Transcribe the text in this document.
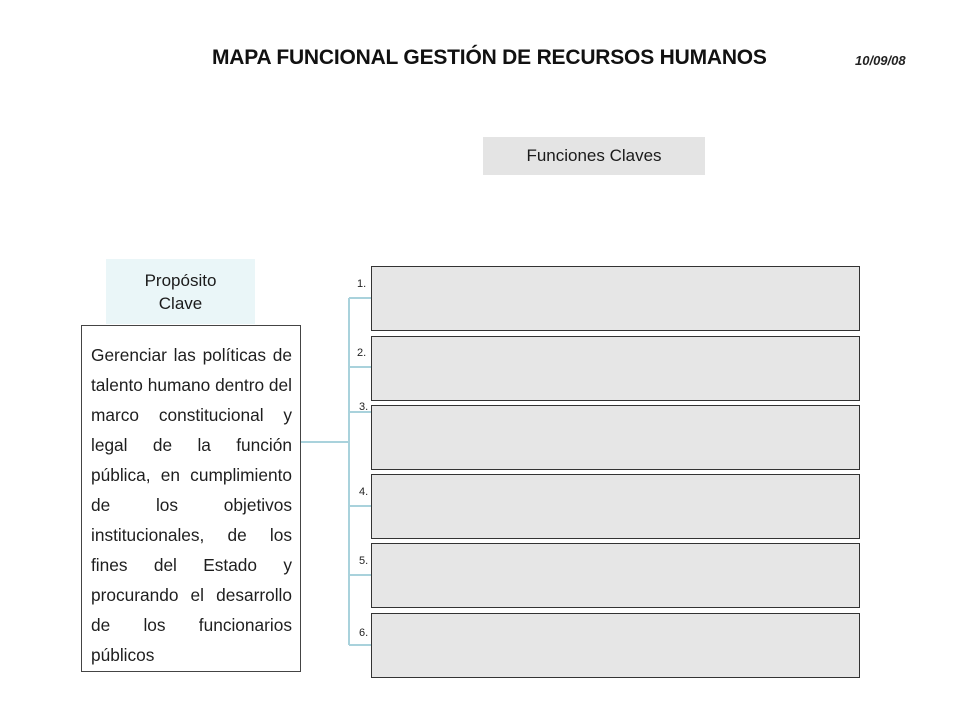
MAPA FUNCIONAL GESTIÓN DE RECURSOS HUMANOS	10/09/08
Funciones Claves
Propósito Clave
Gerenciar las políticas de talento humano dentro del marco constitucional y legal de la función pública, en cumplimiento de los objetivos institucionales, de los fines del Estado y procurando el desarrollo de los funcionarios públicos
1.
2.
3.
4.
5.
6.
